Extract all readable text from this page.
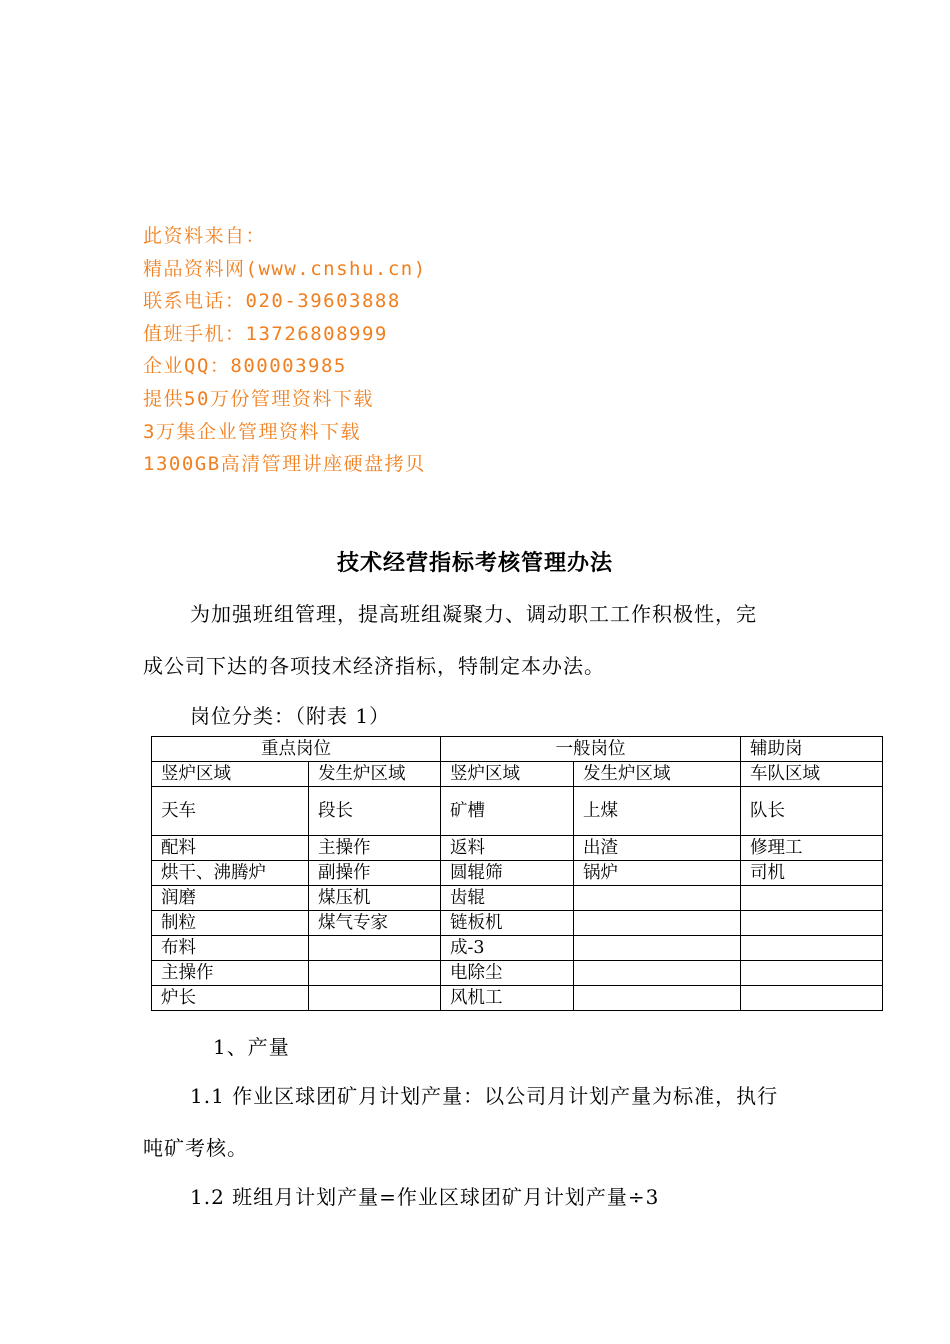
此资料来自：
精品资料网(www.cnshu.cn)
联系电话：020-39603888
值班手机：13726808999
企业QQ：800003985
提供50万份管理资料下载
3万集企业管理资料下载
1300GB高清管理讲座硬盘拷贝
技术经营指标考核管理办法
为加强班组管理，提高班组凝聚力、调动职工工作积极性，完
成公司下达的各项技术经济指标，特制定本办法。
岗位分类：（附表 1）
重点岗位		一般岗位		辅助岗
竖炉区域	发生炉区域	竖炉区域	发生炉区域	车队区域
天车	段长	矿槽	上煤	队长
配料	主操作	返料	出渣	修理工
烘干、沸腾炉	副操作	圆辊筛	锅炉	司机
润磨	煤压机	齿辊		
制粒	煤气专家	链板机		
布料		成-3		
主操作		电除尘		
炉长		风机工		
1、产量
1.1 作业区球团矿月计划产量：以公司月计划产量为标准，执行
吨矿考核。
1.2 班组月计划产量=作业区球团矿月计划产量÷3
